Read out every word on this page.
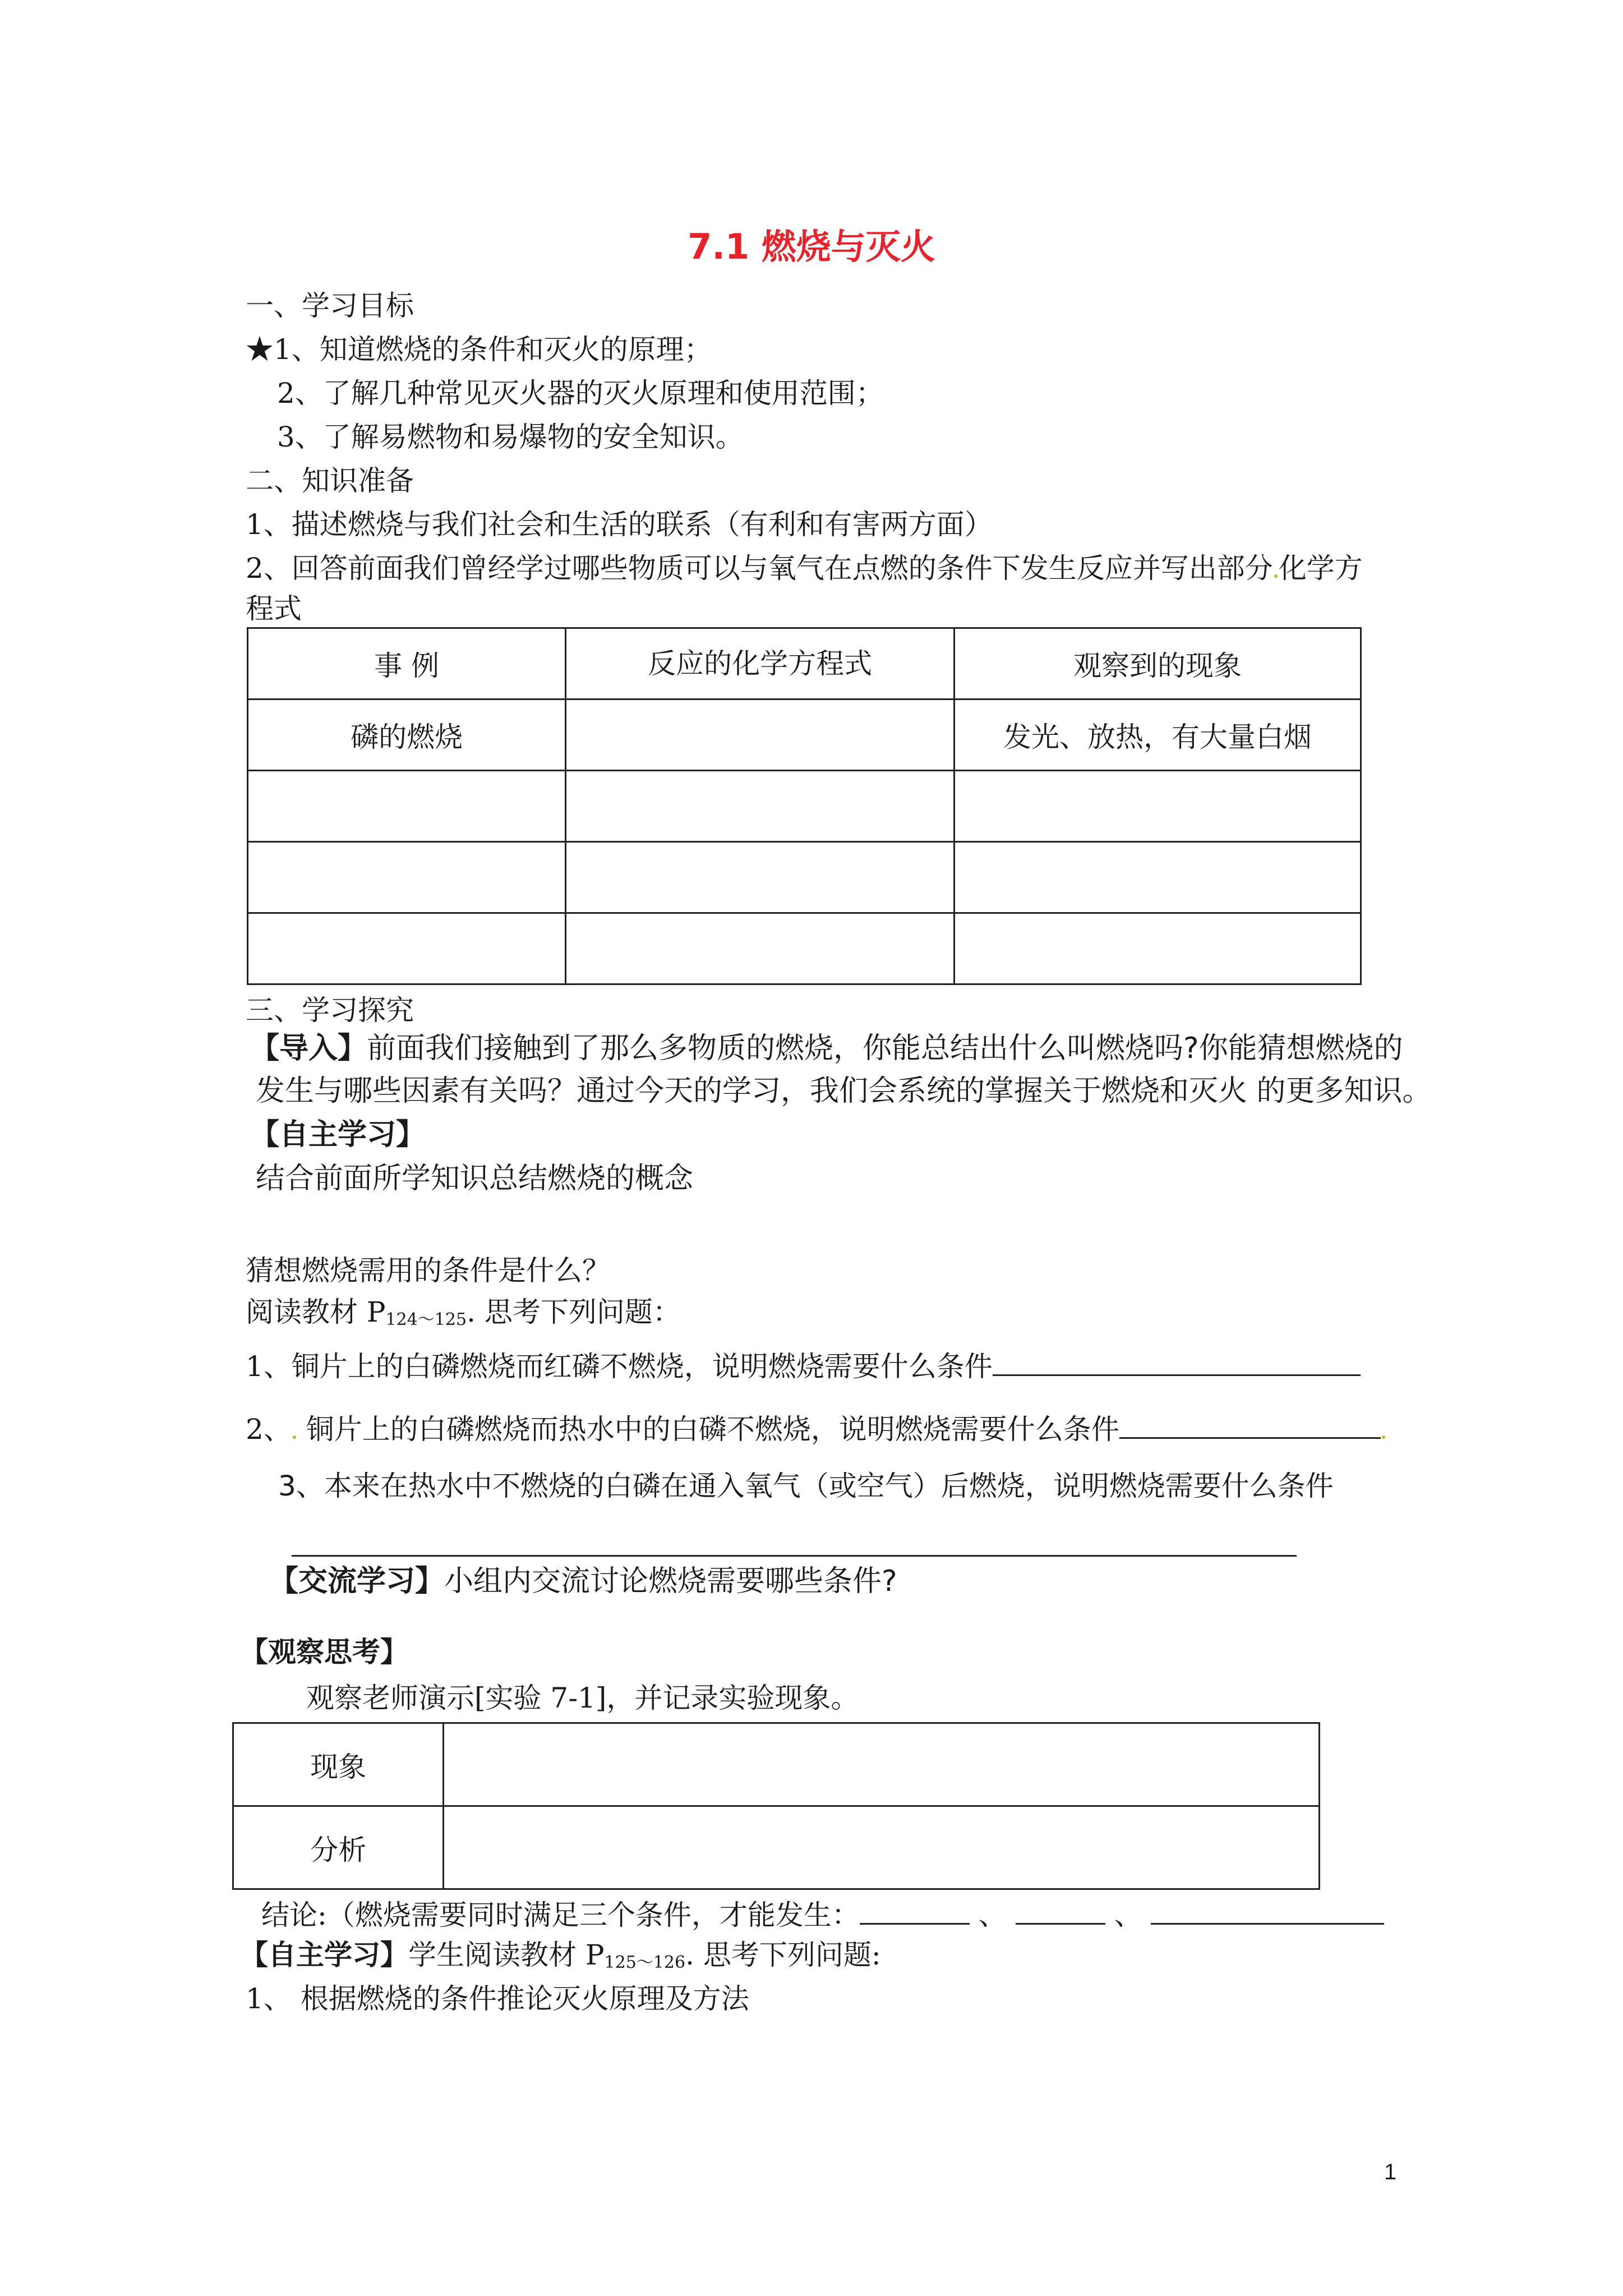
7.1 燃烧与灭火
一、学习目标
★1、知道燃烧的条件和灭火的原理；
2、了解几种常见灭火器的灭火原理和使用范围；
3、了解易燃物和易爆物的安全知识。
二、知识准备
1、描述燃烧与我们社会和生活的联系（有利和有害两方面）
2、回答前面我们曾经学过哪些物质可以与氧气在点燃的条件下发生反应并写出部分 化学方
程式
事 例	反应的化学方程式	观察到的现象
磷的燃烧		发光、放热，有大量白烟

三、学习探究
【导入】前面我们接触到了那么多物质的燃烧，你能总结出什么叫燃烧吗?你能猜想燃烧的
发生与哪些因素有关吗？通过今天的学习，我们会系统的掌握关于燃烧和灭火 的更多知识。
【自主学习】
结合前面所学知识总结燃烧的概念
猜想燃烧需用的条件是什么？
阅读教材 $P_{124\sim 125}$. 思考下列问题：
1、铜片上的白磷燃烧而红磷不燃烧，说明燃烧需要什么条件
2、 铜片上的白磷燃烧而热水中的白磷不燃烧，说明燃烧需要什么条件
3、本来在热水中不燃烧的白磷在通入氧气（或空气）后燃烧，说明燃烧需要什么条件
【交流学习】小组内交流讨论燃烧需要哪些条件?
【观察思考】
观察老师演示[实验 7-1]，并记录实验现象。
现象	
分析	
结论:（燃烧需要同时满足三个条件，才能发生：	、	、
【自主学习】学生阅读教材 $P_{125\sim 126}$. 思考下列问题:
1、 根据燃烧的条件推论灭火原理及方法
1
